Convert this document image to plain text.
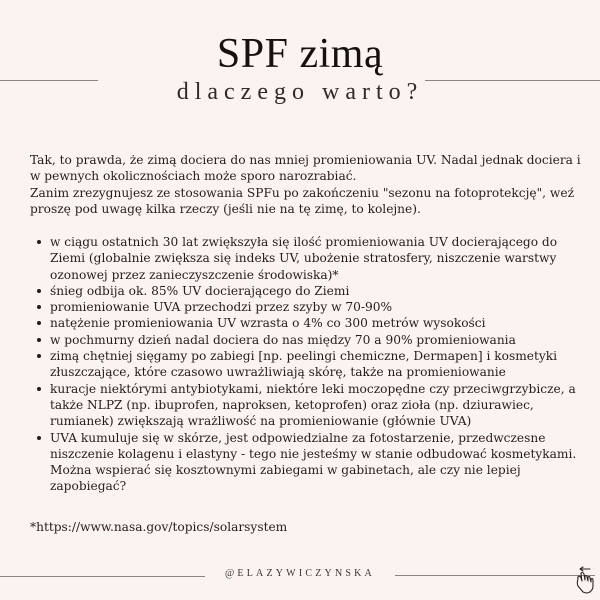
SPF zimą
dlaczego warto?

Tak, to prawda, że zimą dociera do nas mniej promieniowania UV. Nadal jednak dociera i w pewnych okolicznościach może sporo narozrabiać.

Zanim zrezygnujesz ze stosowania SPFu po zakończeniu "sezonu na fotoprotekcję", weź proszę pod uwagę kilka rzeczy (jeśli nie na tę zimę, to kolejne).

w ciągu ostatnich 30 lat zwiększyła się ilość promieniowania UV docierającego do Ziemi (globalnie zwiększa się indeks UV, ubożenie stratosfery, niszczenie warstwy ozonowej przez zanieczyszczenie środowiska)*
śnieg odbija ok. 85% UV docierającego do Ziemi
promieniowanie UVA przechodzi przez szyby w 70-90%
natężenie promieniowania UV wzrasta o 4% co 300 metrów wysokości
w pochmurny dzień nadal dociera do nas między 70 a 90% promieniowania
zimą chętniej sięgamy po zabiegi [np. peelingi chemiczne, Dermapen] i kosmetyki złuszczające, które czasowo uwrażliwiają skórę, także na promieniowanie
kuracje niektórymi antybiotykami, niektóre leki moczopędne czy przeciwgrzybicze, a także NLPZ (np. ibuprofen, naproksen, ketoprofen) oraz zioła (np. dziurawiec, rumianek) zwiększają wrażliwość na promieniowanie (głównie UVA)
UVA kumuluje się w skórze, jest odpowiedzialne za fotostarzenie, przedwczesne niszczenie kolagenu i elastyny - tego nie jesteśmy w stanie odbudować kosmetykami. Można wspierać się kosztownymi zabiegami w gabinetach, ale czy nie lepiej zapobiegać?
*https://www.nasa.gov/topics/solarsystem
@ELAZYWICZYNSKA
